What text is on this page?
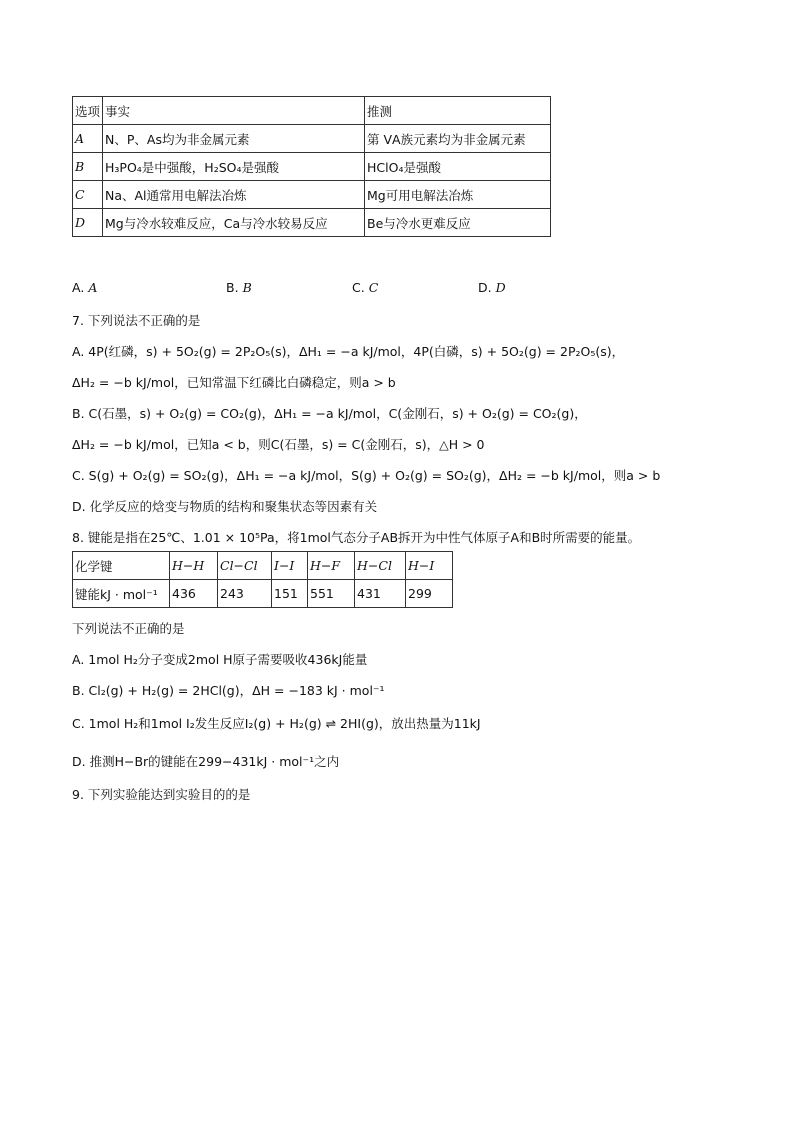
选项	事实	推测
A	N、P、As均为非金属元素	第 ⅤA族元素均为非金属元素
B	H₃PO₄是中强酸，H₂SO₄是强酸	HClO₄是强酸
C	Na、Al通常用电解法冶炼	Mg可用电解法冶炼
D	Mg与冷水较难反应，Ca与冷水较易反应	Be与冷水更难反应
A. A	B. B	C. C	D. D
7. 下列说法不正确的是
A. 4P(红磷，s) + 5O₂(g) = 2P₂O₅(s)，ΔH₁ = −a kJ/mol，4P(白磷，s) + 5O₂(g) = 2P₂O₅(s)，
ΔH₂ = −b kJ/mol，已知常温下红磷比白磷稳定，则a > b
B. C(石墨，s) + O₂(g) = CO₂(g)，ΔH₁ = −a kJ/mol，C(金刚石，s) + O₂(g) = CO₂(g)，
ΔH₂ = −b kJ/mol，已知a < b，则C(石墨，s) = C(金刚石，s)，△H > 0
C. S(g) + O₂(g) = SO₂(g)，ΔH₁ = −a kJ/mol，S(g) + O₂(g) = SO₂(g)，ΔH₂ = −b kJ/mol，则a > b
D. 化学反应的焓变与物质的结构和聚集状态等因素有关
8. 键能是指在25℃、1.01 × 10⁵Pa，将1mol气态分子AB拆开为中性气体原子A和B时所需要的能量。
化学键	H−H	Cl−Cl	I−I	H−F	H−Cl	H−I
键能kJ · mol⁻¹	436	243	151	551	431	299
下列说法不正确的是
A. 1mol H₂分子变成2mol H原子需要吸收436kJ能量
B. Cl₂(g) + H₂(g) = 2HCl(g)，ΔH = −183 kJ · mol⁻¹
C. 1mol H₂和1mol I₂发生反应I₂(g) + H₂(g) ⇌ 2HI(g)，放出热量为11kJ
D. 推测H−Br的键能在299−431kJ · mol⁻¹之内
9. 下列实验能达到实验目的的是
